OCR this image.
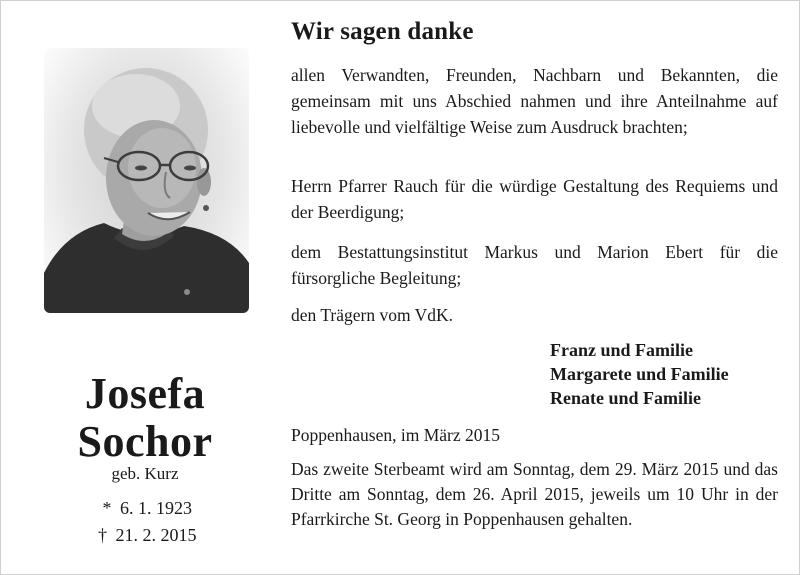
Josefa
Sochor
geb. Kurz
* 6. 1. 1923
† 21. 2. 2015
Wir sagen danke
allen Verwandten, Freunden, Nachbarn und Bekannten, die gemeinsam mit uns Abschied nahmen und ihre Anteilnahme auf liebevolle und vielfältige Weise zum Ausdruck brachten;
Herrn Pfarrer Rauch für die würdige Gestaltung des Requiems und der Beerdigung;
dem Bestattungsinstitut Markus und Marion Ebert für die fürsorgliche Begleitung;
den Trägern vom VdK.
Franz und Familie
Margarete und Familie
Renate und Familie
Poppenhausen, im März 2015
Das zweite Sterbeamt wird am Sonntag, dem 29. März 2015 und das Dritte am Sonntag, dem 26. April 2015, jeweils um 10 Uhr in der Pfarrkirche St. Georg in Poppenhausen gehalten.
